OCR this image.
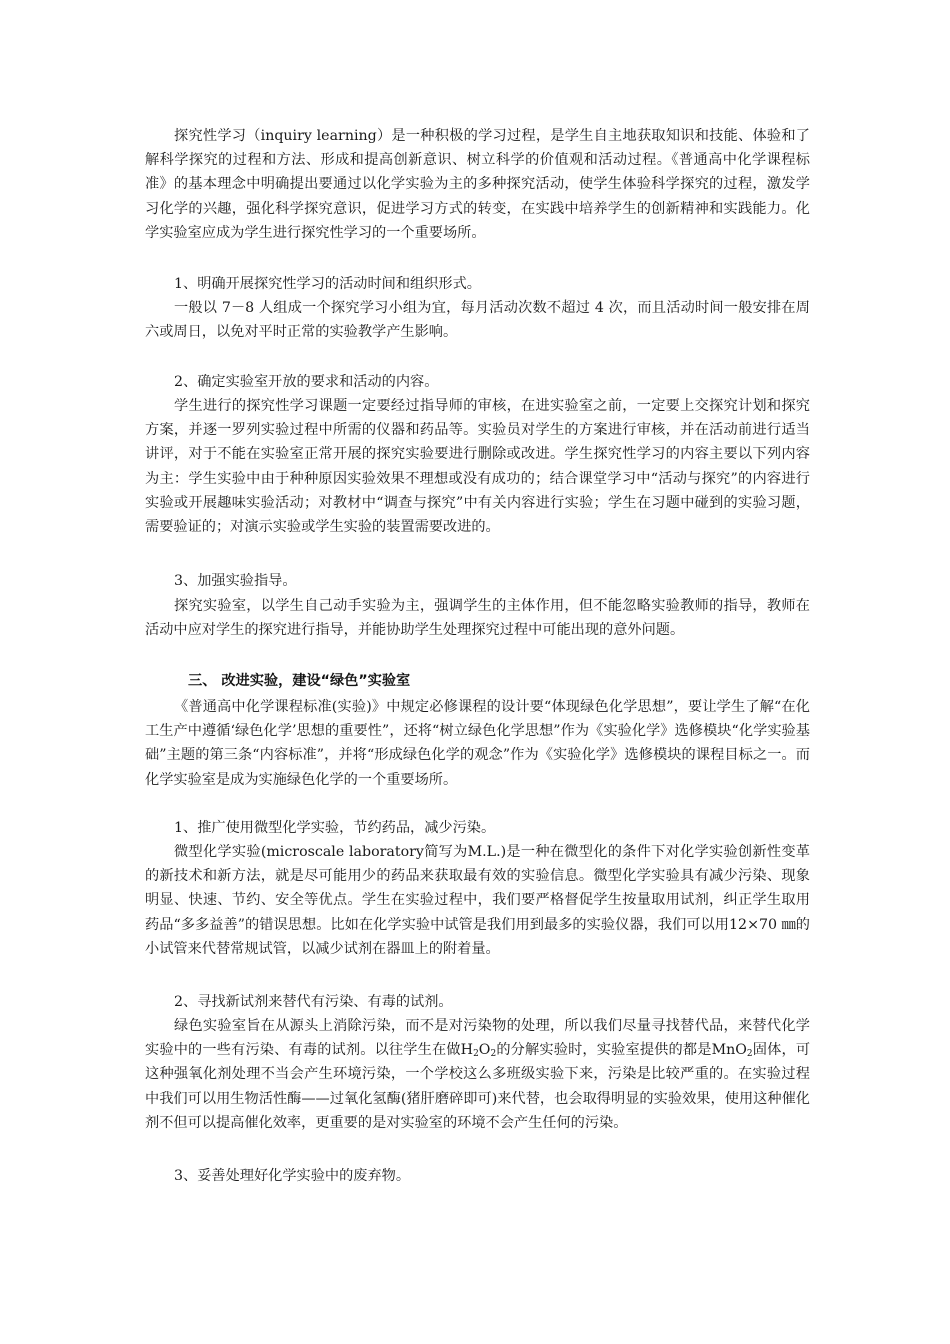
探究性学习（inquiry learning）是一种积极的学习过程，是学生自主地获取知识和技能、体验和了解科学探究的过程和方法、形成和提高创新意识、树立科学的价值观和活动过程。《普通高中化学课程标准》的基本理念中明确提出要通过以化学实验为主的多种探究活动，使学生体验科学探究的过程，激发学习化学的兴趣，强化科学探究意识，促进学习方式的转变，在实践中培养学生的创新精神和实践能力。化学实验室应成为学生进行探究性学习的一个重要场所。

1、明确开展探究性学习的活动时间和组织形式。

一般以 7－8 人组成一个探究学习小组为宜，每月活动次数不超过 4 次，而且活动时间一般安排在周六或周日，以免对平时正常的实验教学产生影响。

2、确定实验室开放的要求和活动的内容。

学生进行的探究性学习课题一定要经过指导师的审核，在进实验室之前，一定要上交探究计划和探究方案，并逐一罗列实验过程中所需的仪器和药品等。实验员对学生的方案进行审核，并在活动前进行适当讲评，对于不能在实验室正常开展的探究实验要进行删除或改进。学生探究性学习的内容主要以下列内容为主：学生实验中由于种种原因实验效果不理想或没有成功的；结合课堂学习中“活动与探究”的内容进行实验或开展趣味实验活动；对教材中“调查与探究”中有关内容进行实验；学生在习题中碰到的实验习题，需要验证的；对演示实验或学生实验的装置需要改进的。

3、加强实验指导。

探究实验室，以学生自己动手实验为主，强调学生的主体作用，但不能忽略实验教师的指导，教师在活动中应对学生的探究进行指导，并能协助学生处理探究过程中可能出现的意外问题。

三、 改进实验，建设“绿色”实验室

《普通高中化学课程标准(实验)》中规定必修课程的设计要“体现绿色化学思想”，要让学生了解“在化工生产中遵循‘绿色化学’思想的重要性”，还将“树立绿色化学思想”作为《实验化学》选修模块“化学实验基础”主题的第三条“内容标准”，并将“形成绿色化学的观念”作为《实验化学》选修模块的课程目标之一。而化学实验室是成为实施绿色化学的一个重要场所。

1、推广使用微型化学实验，节约药品，减少污染。

微型化学实验(microscale laboratory简写为M.L.)是一种在微型化的条件下对化学实验创新性变革的新技术和新方法，就是尽可能用少的药品来获取最有效的实验信息。微型化学实验具有减少污染、现象明显、快速、节约、安全等优点。学生在实验过程中，我们要严格督促学生按量取用试剂，纠正学生取用药品“多多益善”的错误思想。比如在化学实验中试管是我们用到最多的实验仪器，我们可以用12×70 ㎜的小试管来代替常规试管，以减少试剂在器皿上的附着量。

2、寻找新试剂来替代有污染、有毒的试剂。

绿色实验室旨在从源头上消除污染，而不是对污染物的处理，所以我们尽量寻找替代品，来替代化学实验中的一些有污染、有毒的试剂。以往学生在做$H_2O_2$的分解实验时，实验室提供的都是MnO$_2$固体，可这种强氧化剂处理不当会产生环境污染，一个学校这么多班级实验下来，污染是比较严重的。在实验过程中我们可以用生物活性酶——过氧化氢酶(猪肝磨碎即可)来代替，也会取得明显的实验效果，使用这种催化剂不但可以提高催化效率，更重要的是对实验室的环境不会产生任何的污染。

3、妥善处理好化学实验中的废弃物。
